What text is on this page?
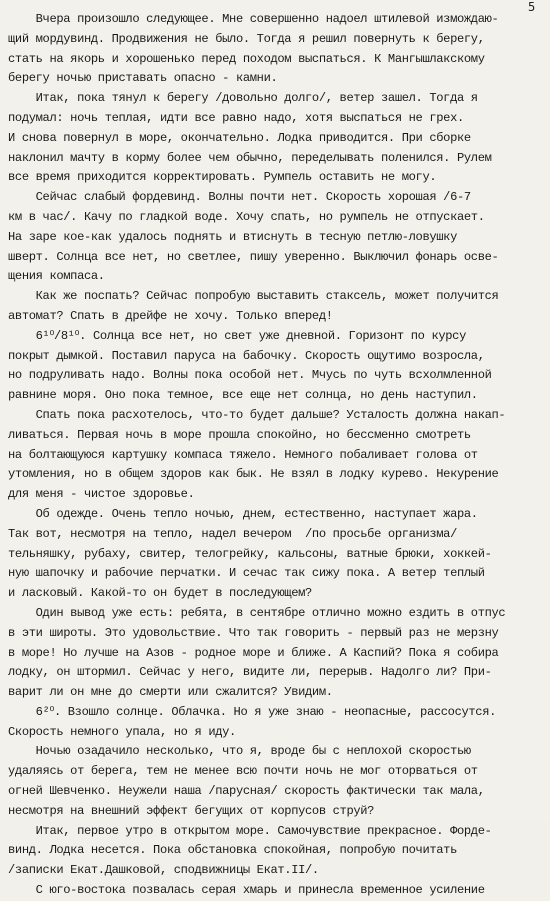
5
Вчера произошло следующее. Мне совершенно надоел штилевой измождаю-
щий мордувинд. Продвижения не было. Тогда я решил повернуть к берегу,
стать на якорь и хорошенько перед походом выспаться. К Мангышлакскому
берегу ночью приставать опасно - камни.
Итак, пока тянул к берегу /довольно долго/, ветер зашел. Тогда я
подумал: ночь теплая, идти все равно надо, хотя выспаться не грех.
И снова повернул в море, окончательно. Лодка приводится. При сборке
наклонил мачту в корму более чем обычно, переделывать поленился. Рулем
все время приходится корректировать. Румпель оставить не могу.
Сейчас слабый фордевинд. Волны почти нет. Скорость хорошая /6-7
км в час/. Качу по гладкой воде. Хочу спать, но румпель не отпускает.
На заре кое-как удалось поднять и втиснуть в тесную петлю-ловушку
шверт. Солнца все нет, но светлее, пишу уверенно. Выключил фонарь осве-
щения компаса.
Как же поспать? Сейчас попробую выставить стаксель, может получится
автомат? Спать в дрейфе не хочу. Только вперед!
6¹⁰/8¹⁰. Солнца все нет, но свет уже дневной. Горизонт по курсу
покрыт дымкой. Поставил паруса на бабочку. Скорость ощутимо возросла,
но подруливать надо. Волны пока особой нет. Мчусь по чуть всхолмленной
равнине моря. Оно пока темное, все еще нет солнца, но день наступил.
Спать пока расхотелось, что-то будет дальше? Усталость должна накап-
ливаться. Первая ночь в море прошла спокойно, но бессменно смотреть
на болтающуюся картушку компаса тяжело. Немного побаливает голова от
утомления, но в общем здоров как бык. Не взял в лодку курево. Некурение
для меня - чистое здоровье.
Об одежде. Очень тепло ночью, днем, естественно, наступает жара.
Так вот, несмотря на тепло, надел вечером  /по просьбе организма/
тельняшку, рубаху, свитер, телогрейку, кальсоны, ватные брюки, хоккей-
ную шапочку и рабочие перчатки. И сечас так сижу пока. А ветер теплый
и ласковый. Какой-то он будет в последующем?
Один вывод уже есть: ребята, в сентябре отлично можно ездить в отпус
в эти широты. Это удовольствие. Что так говорить - первый раз не мерзну
в море! Но лучше на Азов - родное море и ближе. А Каспий? Пока я собира
лодку, он штормил. Сейчас у него, видите ли, перерыв. Надолго ли? При-
варит ли он мне до смерти или сжалится? Увидим.
6²⁰. Взошло солнце. Облачка. Но я уже знаю - неопасные, рассосутся.
Скорость немного упала, но я иду.
Ночью озадачило несколько, что я, вроде бы с неплохой скоростью
удаляясь от берега, тем не менее всю почти ночь не мог оторваться от
огней Шевченко. Неужели наша /парусная/ скорость фактически так мала,
несмотря на внешний эффект бегущих от корпусов струй?
Итак, первое утро в открытом море. Самочувствие прекрасное. Форде-
винд. Лодка несется. Пока обстановка спокойная, попробую почитать
/записки Екат.Дашковой, сподвижницы Екат.II/.
С юго-востока позвалась серая хмарь и принесла временное усиление
